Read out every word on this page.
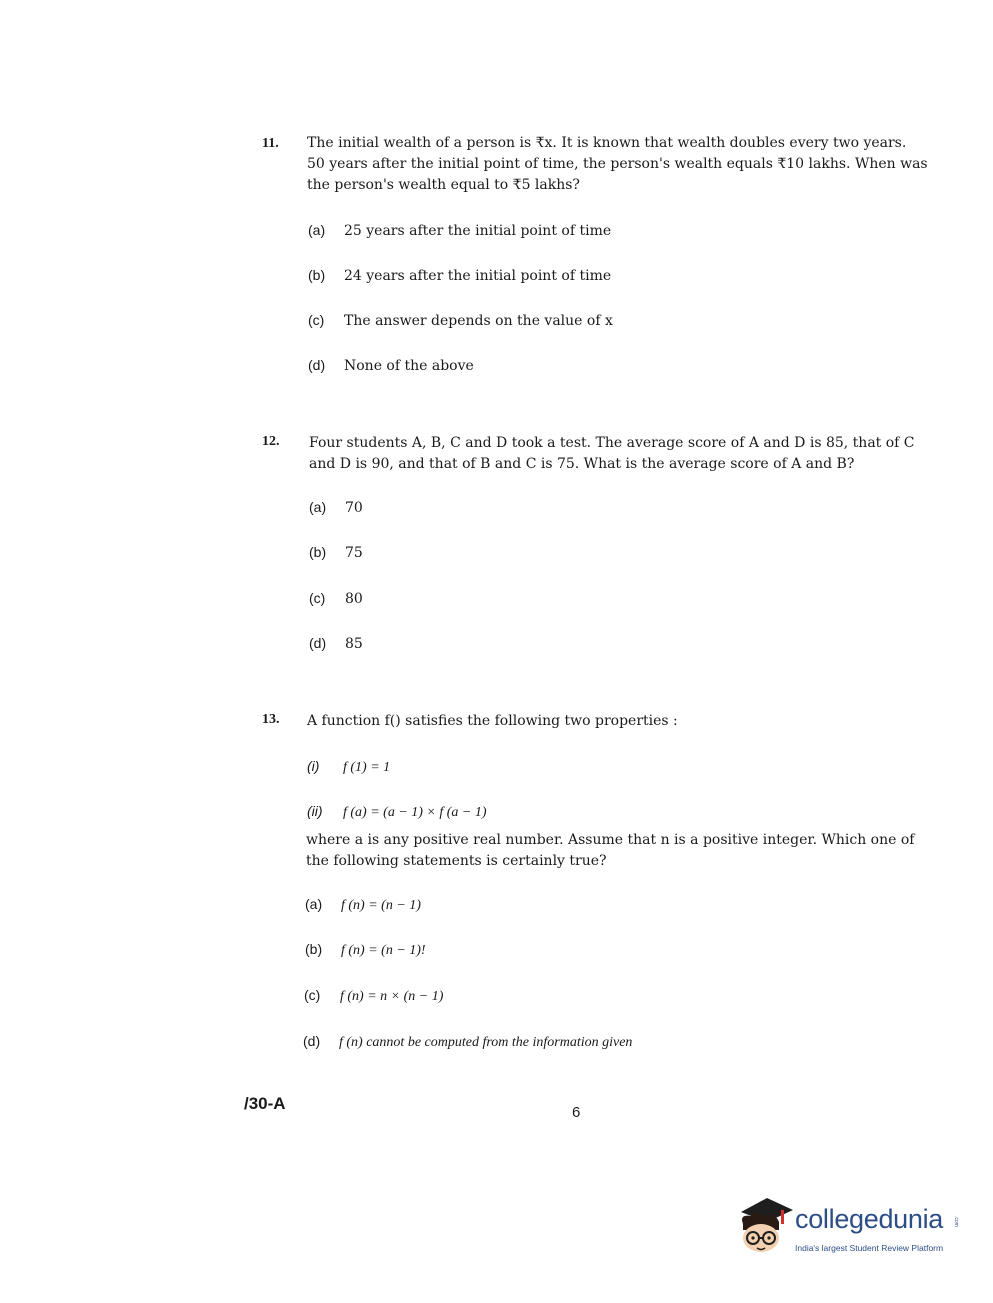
11. The initial wealth of a person is ₹x. It is known that wealth doubles every two years.
50 years after the initial point of time, the person's wealth equals ₹10 lakhs. When was
the person's wealth equal to ₹5 lakhs?
(a) 25 years after the initial point of time
(b) 24 years after the initial point of time
(c) The answer depends on the value of x
(d) None of the above
12. Four students A, B, C and D took a test. The average score of A and D is 85, that of C
and D is 90, and that of B and C is 75. What is the average score of A and B?
(a) 70
(b) 75
(c) 80
(d) 85
13. A function f() satisfies the following two properties :
(i) f (1) = 1
(ii) f (a) = (a − 1) × f (a − 1)
where a is any positive real number. Assume that n is a positive integer. Which one of
the following statements is certainly true?
(a) f (n) = (n − 1)
(b) f (n) = (n − 1)!
(c) f (n) = n × (n − 1)
(d) f (n) cannot be computed from the information given
/30-A	6
collegedunia .com
India's largest Student Review Platform
